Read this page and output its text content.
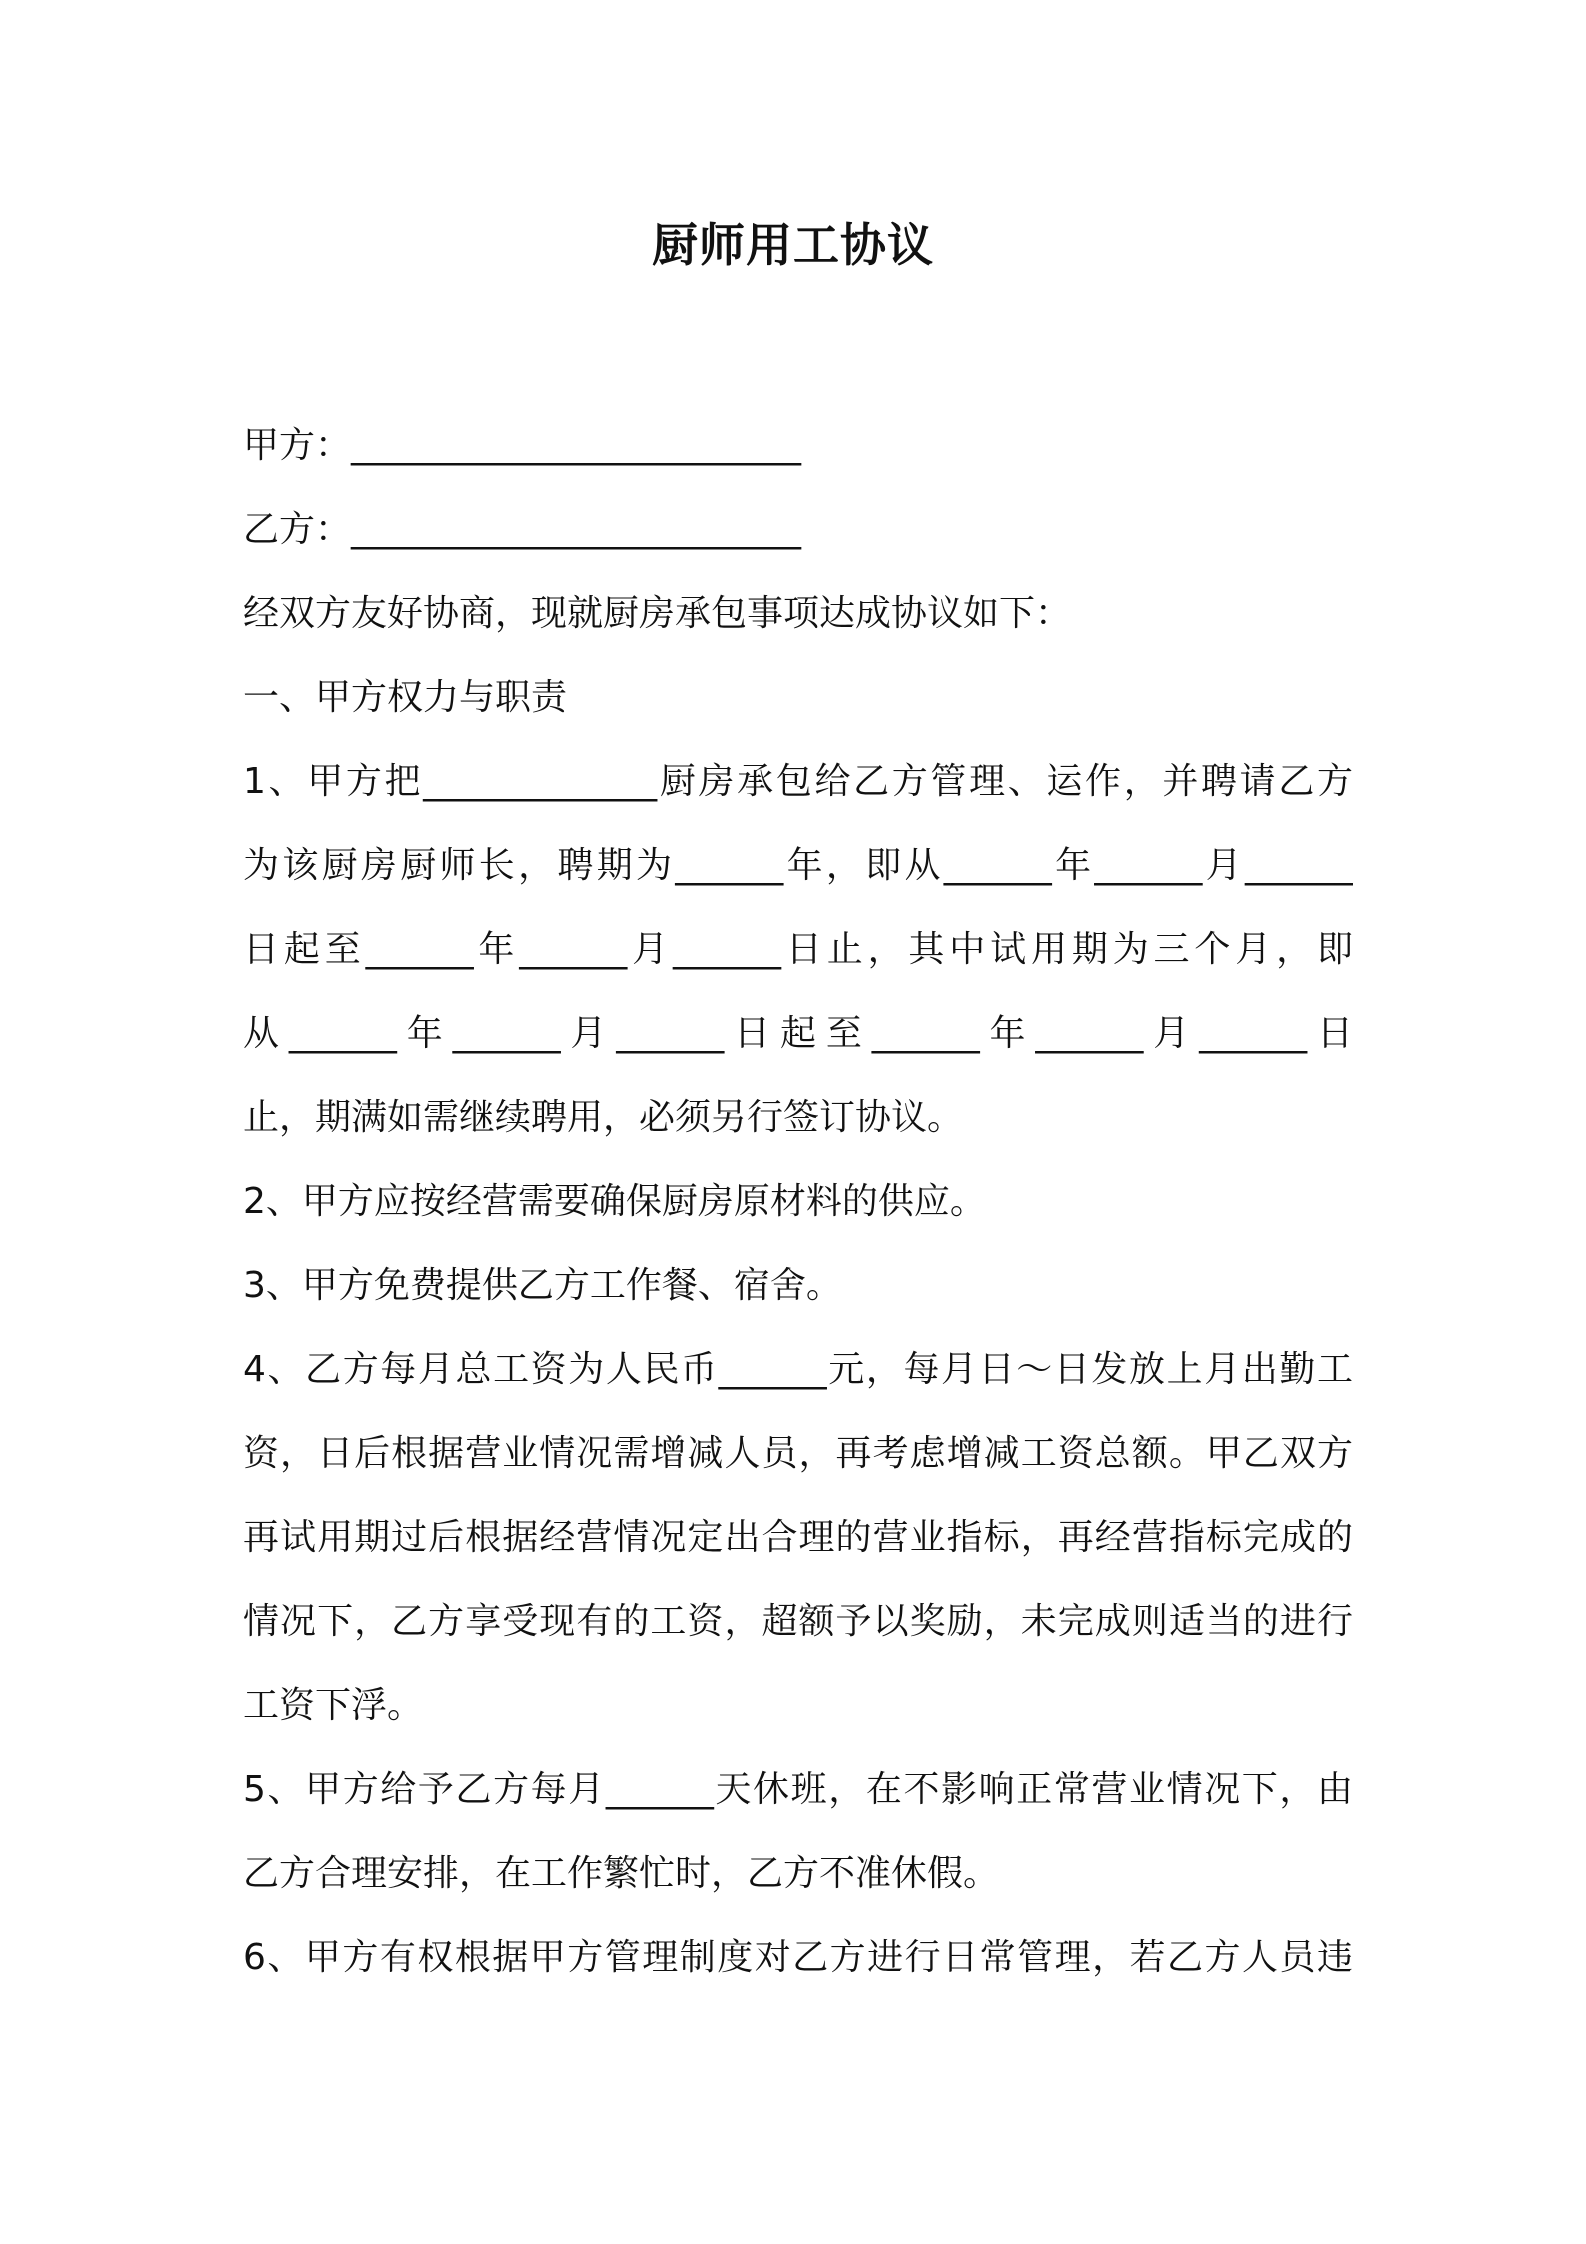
厨师用工协议
甲方：_________________________
乙方：_________________________
经双方友好协商，现就厨房承包事项达成协议如下：
一、甲方权力与职责
1、甲方把_____________厨房承包给乙方管理、运作，并聘请乙方
为该厨房厨师长，聘期为______年，即从______年______月______
日起至______年______月______日止，其中试用期为三个月，即
从______年______月______日起至______年______月______日
止，期满如需继续聘用，必须另行签订协议。
2、甲方应按经营需要确保厨房原材料的供应。
3、甲方免费提供乙方工作餐、宿舍。
4、乙方每月总工资为人民币______元，每月日～日发放上月出勤工
资，日后根据营业情况需增减人员，再考虑增减工资总额。甲乙双方
再试用期过后根据经营情况定出合理的营业指标，再经营指标完成的
情况下，乙方享受现有的工资，超额予以奖励，未完成则适当的进行
工资下浮。
5、甲方给予乙方每月______天休班，在不影响正常营业情况下，由
乙方合理安排，在工作繁忙时，乙方不准休假。
6、甲方有权根据甲方管理制度对乙方进行日常管理，若乙方人员违
